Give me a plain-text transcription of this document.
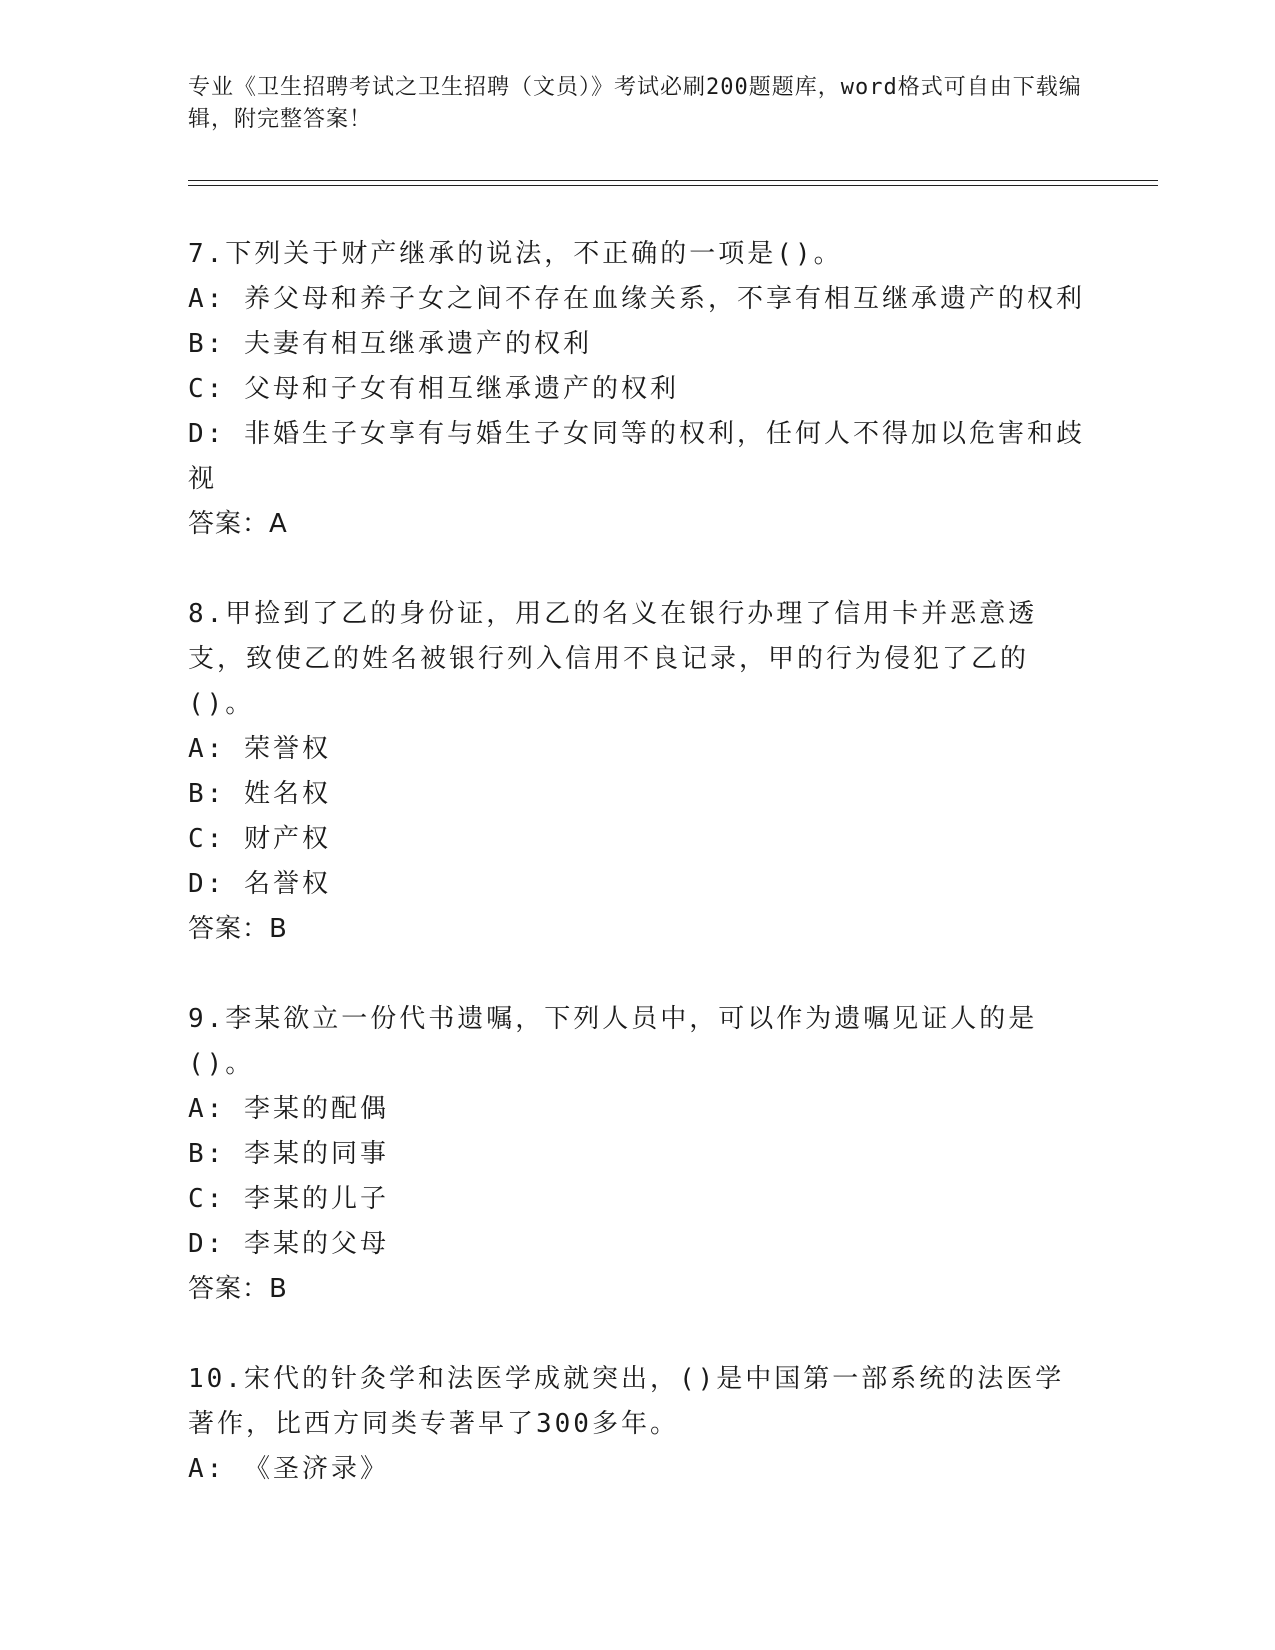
专业《卫生招聘考试之卫生招聘（文员）》考试必刷200题题库，word格式可自由下载编辑，附完整答案！
7.下列关于财产继承的说法，不正确的一项是()。
A: 养父母和养子女之间不存在血缘关系，不享有相互继承遗产的权利
B: 夫妻有相互继承遗产的权利
C: 父母和子女有相互继承遗产的权利
D: 非婚生子女享有与婚生子女同等的权利，任何人不得加以危害和歧视
答案：A
8.甲捡到了乙的身份证，用乙的名义在银行办理了信用卡并恶意透支，致使乙的姓名被银行列入信用不良记录，甲的行为侵犯了乙的()。
A: 荣誉权
B: 姓名权
C: 财产权
D: 名誉权
答案：B
9.李某欲立一份代书遗嘱，下列人员中，可以作为遗嘱见证人的是()。
A: 李某的配偶
B: 李某的同事
C: 李某的儿子
D: 李某的父母
答案：B
10.宋代的针灸学和法医学成就突出，()是中国第一部系统的法医学著作，比西方同类专著早了300多年。
A: 《圣济录》
